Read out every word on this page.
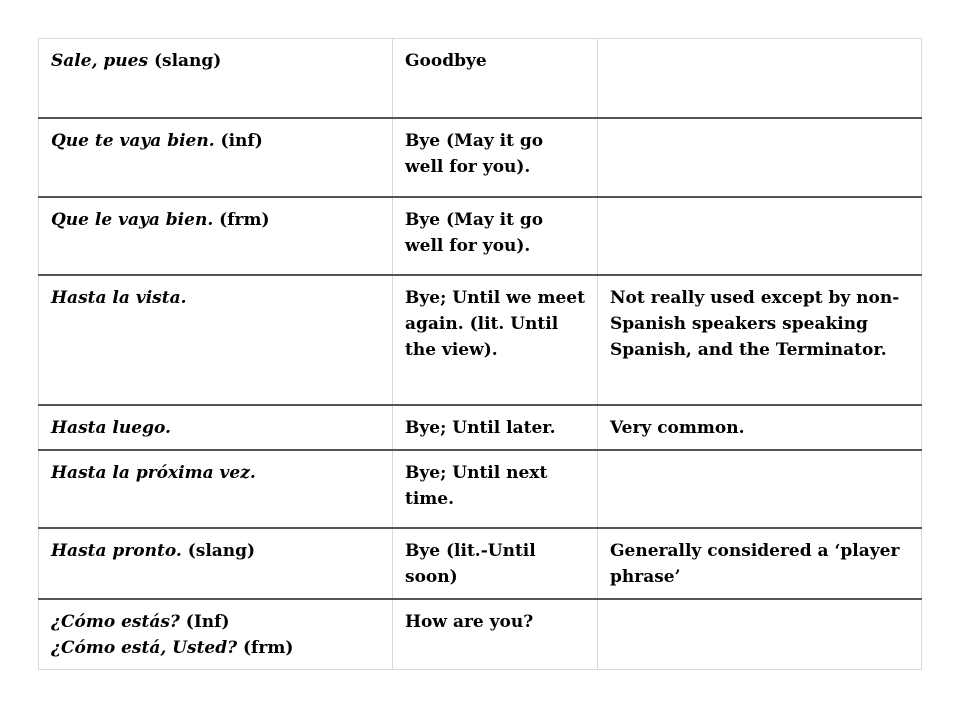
Sale, pues (slang)	Goodbye	

Que te vaya bien. (inf)	Bye (May it go well for you).	

Que le vaya bien. (frm)	Bye (May it go well for you).	

Hasta la vista.	Bye; Until we meet again. (lit. Until the view).	Not really used except by non-Spanish speakers speaking Spanish, and the Terminator.

Hasta luego.	Bye; Until later.	Very common.

Hasta la próxima vez.	Bye; Until next time.	

Hasta pronto. (slang)	Bye (lit.-Until soon)	Generally considered a ‘player phrase’

¿Cómo estás? (Inf)
¿Cómo está, Usted? (frm)	How are you?	
